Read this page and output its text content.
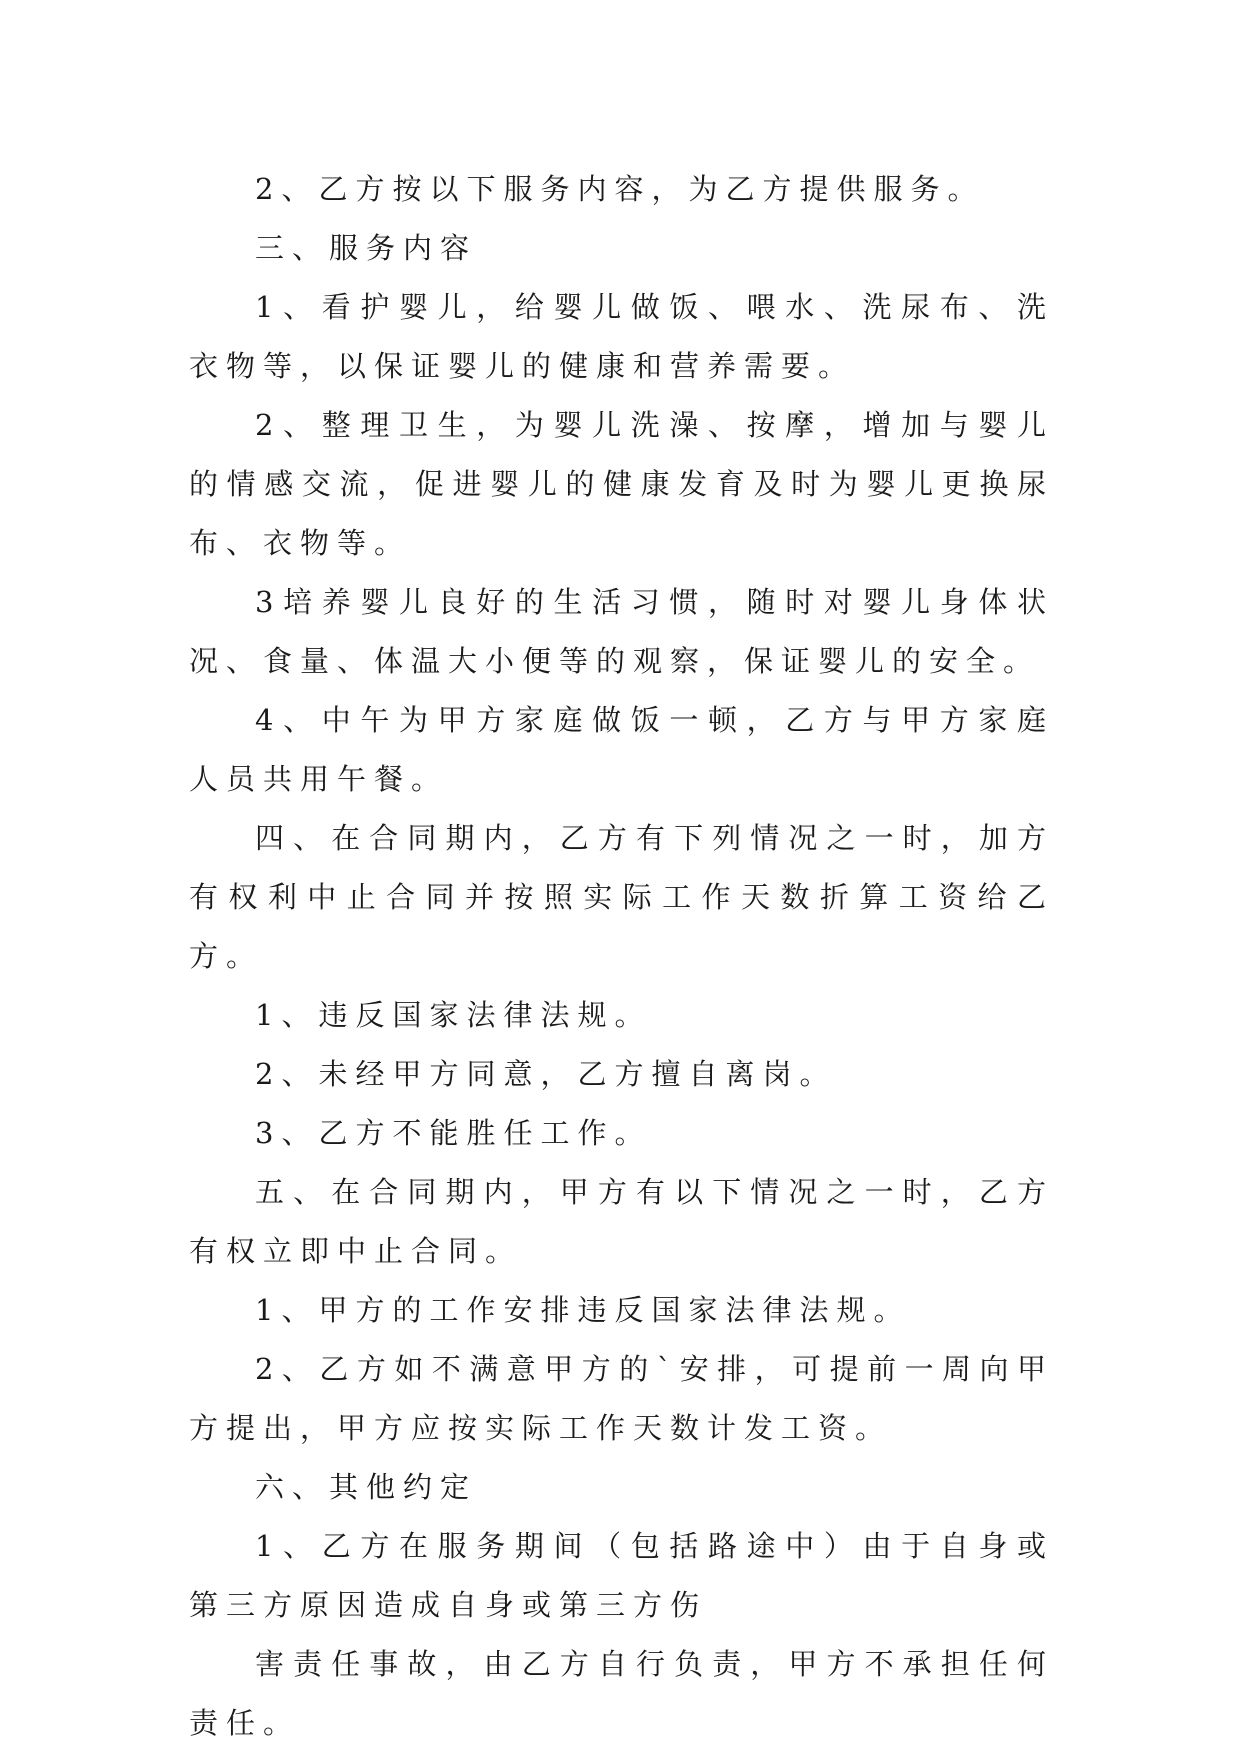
2、乙方按以下服务内容，为乙方提供服务。

三、服务内容

1、看护婴儿，给婴儿做饭、喂水、洗尿布、洗衣物等，以保证婴儿的健康和营养需要。

2、整理卫生，为婴儿洗澡、按摩，增加与婴儿的情感交流，促进婴儿的健康发育及时为婴儿更换尿布、衣物等。

3培养婴儿良好的生活习惯，随时对婴儿身体状况、食量、体温大小便等的观察，保证婴儿的安全。

4、中午为甲方家庭做饭一顿，乙方与甲方家庭人员共用午餐。

四、在合同期内，乙方有下列情况之一时，加方有权利中止合同并按照实际工作天数折算工资给乙方。

1、违反国家法律法规。

2、未经甲方同意，乙方擅自离岗。

3、乙方不能胜任工作。

五、在合同期内，甲方有以下情况之一时，乙方有权立即中止合同。

1、甲方的工作安排违反国家法律法规。

2、乙方如不满意甲方的`安排，可提前一周向甲方提出，甲方应按实际工作天数计发工资。

六、其他约定

1、乙方在服务期间（包括路途中）由于自身或第三方原因造成自身或第三方伤

害责任事故，由乙方自行负责，甲方不承担任何责任。
